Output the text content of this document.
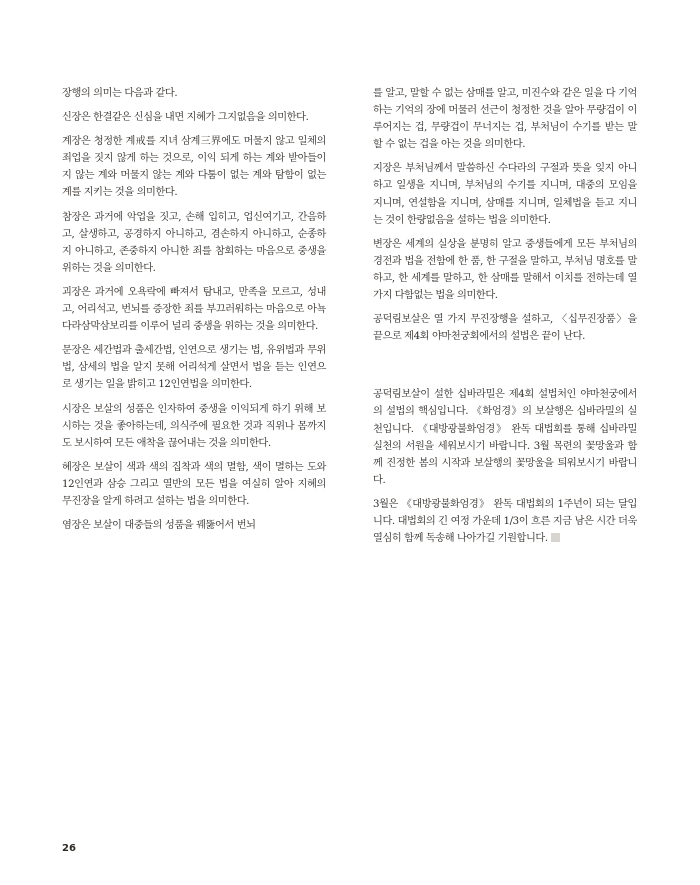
장행의 의미는 다음과 같다.

신장은 한결같은 신심을 내면 지혜가 그지없음을 의미한다.

계장은 청정한 계戒를 지녀 삼계三界에도 머물지 않고 일체의 죄업을 짓지 않게 하는 것으로, 이익 되게 하는 계와 받아들이지 않는 계와 머물지 않는 계와 다툼이 없는 계와 탐함이 없는 계를 지키는 것을 의미한다.

참장은 과거에 악업을 짓고, 손해 입히고, 업신여기고, 간음하고, 살생하고, 공경하지 아니하고, 겸손하지 아니하고, 순종하지 아니하고, 존중하지 아니한 죄를 참회하는 마음으로 중생을 위하는 것을 의미한다.

괴장은 과거에 오욕락에 빠져서 탐내고, 만족을 모르고, 성내고, 어리석고, 번뇌를 증장한 죄를 부끄러워하는 마음으로 아뇩다라삼막삼보리를 이루어 널리 중생을 위하는 것을 의미한다.

문장은 세간법과 출세간법, 인연으로 생기는 법, 유위법과 무위법, 삼세의 법을 알지 못해 어리석게 살면서 법을 듣는 인연으로 생기는 일을 밝히고 12인연법을 의미한다.

시장은 보살의 성품은 인자하여 중생을 이익되게 하기 위해 보시하는 것을 좋아하는데, 의식주에 필요한 것과 직위나 몸까지도 보시하여 모든 애착을 끊어내는 것을 의미한다.

혜장은 보살이 색과 색의 집착과 색의 멸함, 색이 멸하는 도와 12인연과 삼승 그리고 열반의 모든 법을 여실히 알아 지혜의 무진장을 알게 하려고 설하는 법을 의미한다.

염장은 보살이 대중들의 성품을 꿰뚫어서 번뇌

를 알고, 말할 수 없는 삼매를 알고, 미진수와 같은 일을 다 기억하는 기억의 장에 머물러 선근이 청정한 것을 알아 무량겁이 이루어지는 겁, 무량겁이 무너지는 겁, 부처님이 수기를 받는 말할 수 없는 겁을 아는 것을 의미한다.

지장은 부처님께서 말씀하신 수다라의 구절과 뜻을 잊지 아니하고 일생을 지니며, 부처님의 수기를 지니며, 대중의 모임을 지니며, 연설함을 지니며, 삼매를 지니며, 일체법을 듣고 지니는 것이 한량없음을 설하는 법을 의미한다.

변장은 세계의 실상을 분명히 알고 중생들에게 모든 부처님의 경전과 법을 전함에 한 품, 한 구절을 말하고, 부처님 명호를 말하고, 한 세계를 말하고, 한 삼매를 말해서 이치를 전하는데 열 가지 다함없는 법을 의미한다.

공덕림보살은 열 가지 무진장행을 설하고, 〈십무진장품〉을 끝으로 제4회 야마천궁회에서의 설법은 끝이 난다.

공덕림보살이 설한 십바라밀은 제4회 설법처인 야마천궁에서의 설법의 핵심입니다. 《화엄경》의 보살행은 십바라밀의 실천입니다. 《대방광불화엄경》 완독 대법회를 통해 십바라밀 실천의 서원을 세워보시기 바랍니다. 3월 목련의 꽃망울과 함께 진정한 봄의 시작과 보살행의 꽃망울을 틔워보시기 바랍니다.

3월은 《대방광불화엄경》 완독 대법회의 1주년이 되는 달입니다. 대법회의 긴 여정 가운데 1/3이 흐른 지금 남은 시간 더욱 열심히 함께 독송해 나아가길 기원합니다.

26
